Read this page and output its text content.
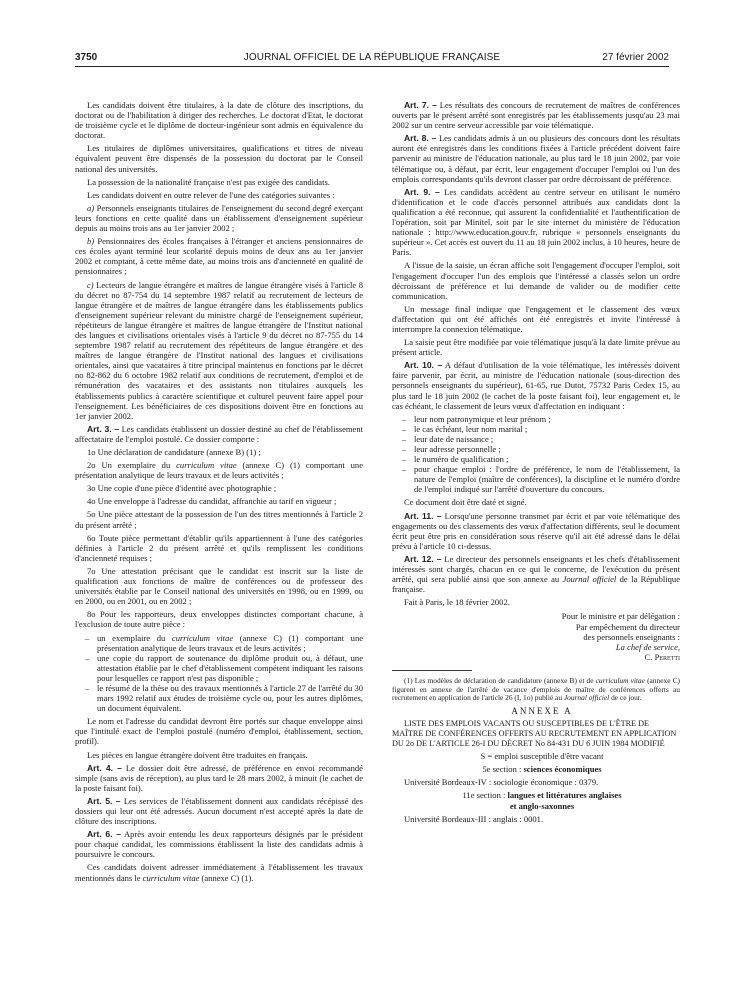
3750	JOURNAL OFFICIEL DE LA RÉPUBLIQUE FRANÇAISE	27 février 2002

Les candidats doivent être titulaires, à la date de clôture des inscriptions, du doctorat ou de l'habilitation à diriger des recherches. Le doctorat d'Etat, le doctorat de troisième cycle et le diplôme de docteur-ingénieur sont admis en équivalence du doctorat.

Les titulaires de diplômes universitaires, qualifications et titres de niveau équivalent peuvent être dispensés de la possession du doctorat par le Conseil national des universités.

La possession de la nationalité française n'est pas exigée des candidats.

Les candidats doivent en outre relever de l'une des catégories suivantes :

a) Personnels enseignants titulaires de l'enseignement du second degré exerçant leurs fonctions en cette qualité dans un établissement d'enseignement supérieur depuis au moins trois ans au 1er janvier 2002 ;

b) Pensionnaires des écoles françaises à l'étranger et anciens pensionnaires de ces écoles ayant terminé leur scolarité depuis moins de deux ans au 1er janvier 2002 et comptant, à cette même date, au moins trois ans d'ancienneté en qualité de pensionnaires ;

c) Lecteurs de langue étrangère et maîtres de langue étrangère visés à l'article 8 du décret no 87-754 du 14 septembre 1987 relatif au recrutement de lecteurs de langue étrangère et de maîtres de langue étrangère dans les établissements publics d'enseignement supérieur relevant du ministre chargé de l'enseignement supérieur, répétiteurs de langue étrangère et maîtres de langue étrangère de l'Institut national des langues et civilisations orientales visés à l'article 9 du décret no 87-755 du 14 septembre 1987 relatif au recrutement des répétiteurs de langue étrangère et des maîtres de langue étrangère de l'Institut national des langues et civilisations orientales, ainsi que vacataires à titre principal maintenus en fonctions par le décret no 82-862 du 6 octobre 1982 relatif aux conditions de recrutement, d'emploi et de rémunération des vacataires et des assistants non titulaires auxquels les établissements publics à caractère scientifique et culturel peuvent faire appel pour l'enseignement. Les bénéficiaires de ces dispositions doivent être en fonctions au 1er janvier 2002.

Art. 3. – Les candidats établissent un dossier destiné au chef de l'établissement affectataire de l'emploi postulé. Ce dossier comporte :

1o Une déclaration de candidature (annexe B) (1) ;

2o Un exemplaire du curriculum vitae (annexe C) (1) comportant une présentation analytique de leurs travaux et de leurs activités ;

3o Une copie d'une pièce d'identité avec photographie ;

4o Une enveloppe à l'adresse du candidat, affranchie au tarif en vigueur ;

5o Une pièce attestant de la possession de l'un des titres mentionnés à l'article 2 du présent arrêté ;

6o Toute pièce permettant d'établir qu'ils appartiennent à l'une des catégories définies à l'article 2 du présent arrêté et qu'ils remplissent les conditions d'ancienneté requises ;

7o Une attestation précisant que le candidat est inscrit sur la liste de qualification aux fonctions de maître de conférences ou de professeur des universités établie par le Conseil national des universités en 1998, ou en 1999, ou en 2000, ou en 2001, ou en 2002 ;

8o Pour les rapporteurs, deux enveloppes distinctes comportant chacune, à l'exclusion de toute autre pièce :

– un exemplaire du curriculum vitae (annexe C) (1) comportant une présentation analytique de leurs travaux et de leurs activités ;
– une copie du rapport de soutenance du diplôme produit ou, à défaut, une attestation établie par le chef d'établissement compétent indiquant les raisons pour lesquelles ce rapport n'est pas disponible ;
– le résumé de la thèse ou des travaux mentionnés à l'article 27 de l'arrêté du 30 mars 1992 relatif aux études de troisième cycle ou, pour les autres diplômes, un document équivalent.

Le nom et l'adresse du candidat devront être portés sur chaque enveloppe ainsi que l'intitulé exact de l'emploi postulé (numéro d'emploi, établissement, section, profil).

Les pièces en langue étrangère doivent être traduites en français.

Art. 4. – Le dossier doit être adressé, de préférence en envoi recommandé simple (sans avis de réception), au plus tard le 28 mars 2002, à minuit (le cachet de la poste faisant foi).

Art. 5. – Les services de l'établissement donnent aux candidats récépissé des dossiers qui leur ont été adressés. Aucun document n'est accepté après la date de clôture des inscriptions.

Art. 6. – Après avoir entendu les deux rapporteurs désignés par le président pour chaque candidat, les commissions établissent la liste des candidats admis à poursuivre le concours.

Ces candidats doivent adresser immédiatement à l'établissement les travaux mentionnés dans le curriculum vitae (annexe C) (1).

Art. 7. – Les résultats des concours de recrutement de maîtres de conférences ouverts par le présent arrêté sont enregistrés par les établissements jusqu'au 23 mai 2002 sur un centre serveur accessible par voie télématique.

Art. 8. – Les candidats admis à un ou plusieurs des concours dont les résultats auront été enregistrés dans les conditions fixées à l'article précédent doivent faire parvenir au ministre de l'éducation nationale, au plus tard le 18 juin 2002, par voie télématique ou, à défaut, par écrit, leur engagement d'occuper l'emploi ou l'un des emplois correspondants qu'ils devront classer par ordre décroissant de préférence.

Art. 9. – Les candidats accèdent au centre serveur en utilisant le numéro d'identification et le code d'accès personnel attribués aux candidats dont la qualification a été reconnue, qui assurent la confidentialité et l'authentification de l'opération, soit par Minitel, soit par le site internet du ministère de l'éducation nationale : http://www.education.gouv.fr, rubrique « personnels enseignants du supérieur ». Cet accès est ouvert du 11 au 18 juin 2002 inclus, à 10 heures, heure de Paris.

A l'issue de la saisie, un écran affiche soit l'engagement d'occuper l'emploi, soit l'engagement d'occuper l'un des emplois que l'intéressé a classés selon un ordre décroissant de préférence et lui demande de valider ou de modifier cette communication.

Un message final indique que l'engagement et le classement des vœux d'affectation qui ont été affichés ont été enregistrés et invite l'intéressé à interrompre la connexion télématique.

La saisie peut être modifiée par voie télématique jusqu'à la date limite prévue au présent article.

Art. 10. – A défaut d'utilisation de la voie télématique, les intéressés doivent faire parvenir, par écrit, au ministre de l'éducation nationale (sous-direction des personnels enseignants du supérieur), 61-65, rue Dutot, 75732 Paris Cedex 15, au plus tard le 18 juin 2002 (le cachet de la poste faisant foi), leur engagement et, le cas échéant, le classement de leurs vœux d'affectation en indiquant :

– leur nom patronymique et leur prénom ;
– le cas échéant, leur nom marital ;
– leur date de naissance ;
– leur adresse personnelle ;
– le numéro de qualification ;
– pour chaque emploi : l'ordre de préférence, le nom de l'établissement, la nature de l'emploi (maître de conférences), la discipline et le numéro d'ordre de l'emploi indiqué sur l'arrêté d'ouverture du concours.

Ce document doit être daté et signé.

Art. 11. – Lorsqu'une personne transmet par écrit et par voie télématique des engagements ou des classements des vœux d'affectation différents, seul le document écrit peut être pris en considération sous réserve qu'il ait été adressé dans le délai prévu à l'article 10 ci-dessus.

Art. 12. – Le directeur des personnels enseignants et les chefs d'établissement intéressés sont chargés, chacun en ce qui le concerne, de l'exécution du présent arrêté, qui sera publié ainsi que son annexe au Journal officiel de la République française.

Fait à Paris, le 18 février 2002.

Pour le ministre et par délégation :
Par empêchement du directeur
des personnels enseignants :
La chef de service,
C. Peretti

(1) Les modèles de déclaration de candidature (annexe B) et de curriculum vitae (annexe C) figurent en annexe de l'arrêté de vacance d'emplois de maître de conférences offerts au recrutement en application de l'article 26 (I, 1o) publié au Journal officiel de ce jour.

ANNEXE A

LISTE DES EMPLOIS VACANTS OU SUSCEPTIBLES DE L'ÊTRE DE MAÎTRE DE CONFÉRENCES OFFERTS AU RECRUTEMENT EN APPLICATION DU 2o DE L'ARTICLE 26-I DU DÉCRET No 84-431 DU 6 JUIN 1984 MODIFIÉ

S = emploi susceptible d'être vacant

5e section : sciences économiques

Université Bordeaux-IV : sociologie économique : 0379.

11e section : langues et littératures anglaises

et anglo-saxonnes

Université Bordeaux-III : anglais : 0001.
